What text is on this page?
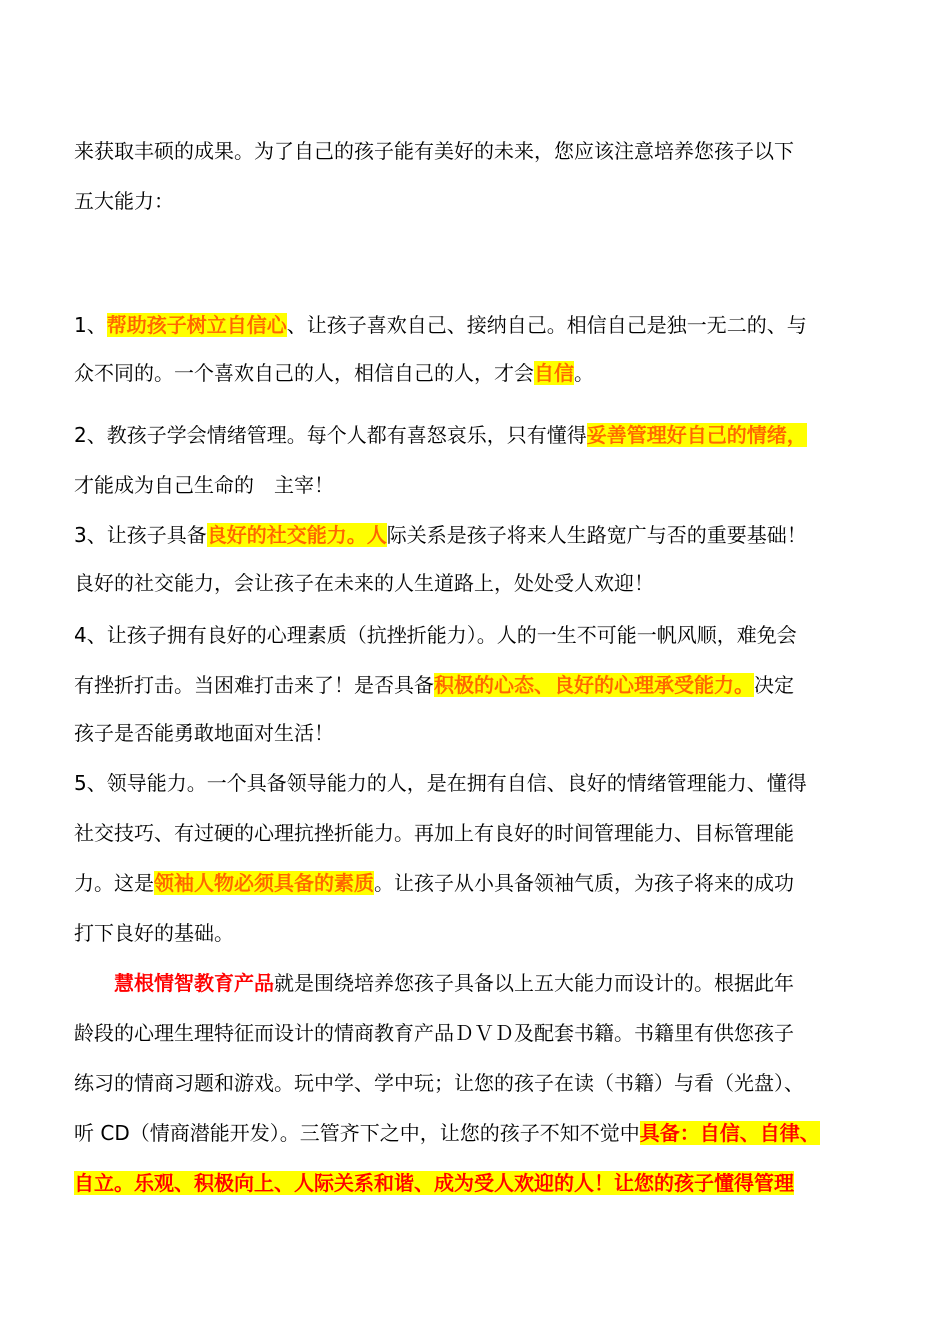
来获取丰硕的成果。为了自己的孩子能有美好的未来，您应该注意培养您孩子以下
五大能力：
1、帮助孩子树立自信心、让孩子喜欢自己、接纳自己。相信自己是独一无二的、与
众不同的。一个喜欢自己的人，相信自己的人，才会自信。
2、教孩子学会情绪管理。每个人都有喜怒哀乐，只有懂得妥善管理好自己的情绪，
才能成为自己生命的　主宰！
3、让孩子具备良好的社交能力。人际关系是孩子将来人生路宽广与否的重要基础！
良好的社交能力，会让孩子在未来的人生道路上，处处受人欢迎！
4、让孩子拥有良好的心理素质（抗挫折能力）。人的一生不可能一帆风顺，难免会
有挫折打击。当困难打击来了！是否具备积极的心态、良好的心理承受能力。决定
孩子是否能勇敢地面对生活！
5、领导能力。一个具备领导能力的人，是在拥有自信、良好的情绪管理能力、懂得
社交技巧、有过硬的心理抗挫折能力。再加上有良好的时间管理能力、目标管理能
力。这是领袖人物必须具备的素质。让孩子从小具备领袖气质，为孩子将来的成功
打下良好的基础。
慧根情智教育产品就是围绕培养您孩子具备以上五大能力而设计的。根据此年
龄段的心理生理特征而设计的情商教育产品ＤＶＤ及配套书籍。书籍里有供您孩子
练习的情商习题和游戏。玩中学、学中玩；让您的孩子在读（书籍）与看（光盘）、
听 CD（情商潜能开发）。三管齐下之中，让您的孩子不知不觉中具备：自信、自律、
自立。乐观、积极向上、人际关系和谐、成为受人欢迎的人！让您的孩子懂得管理
